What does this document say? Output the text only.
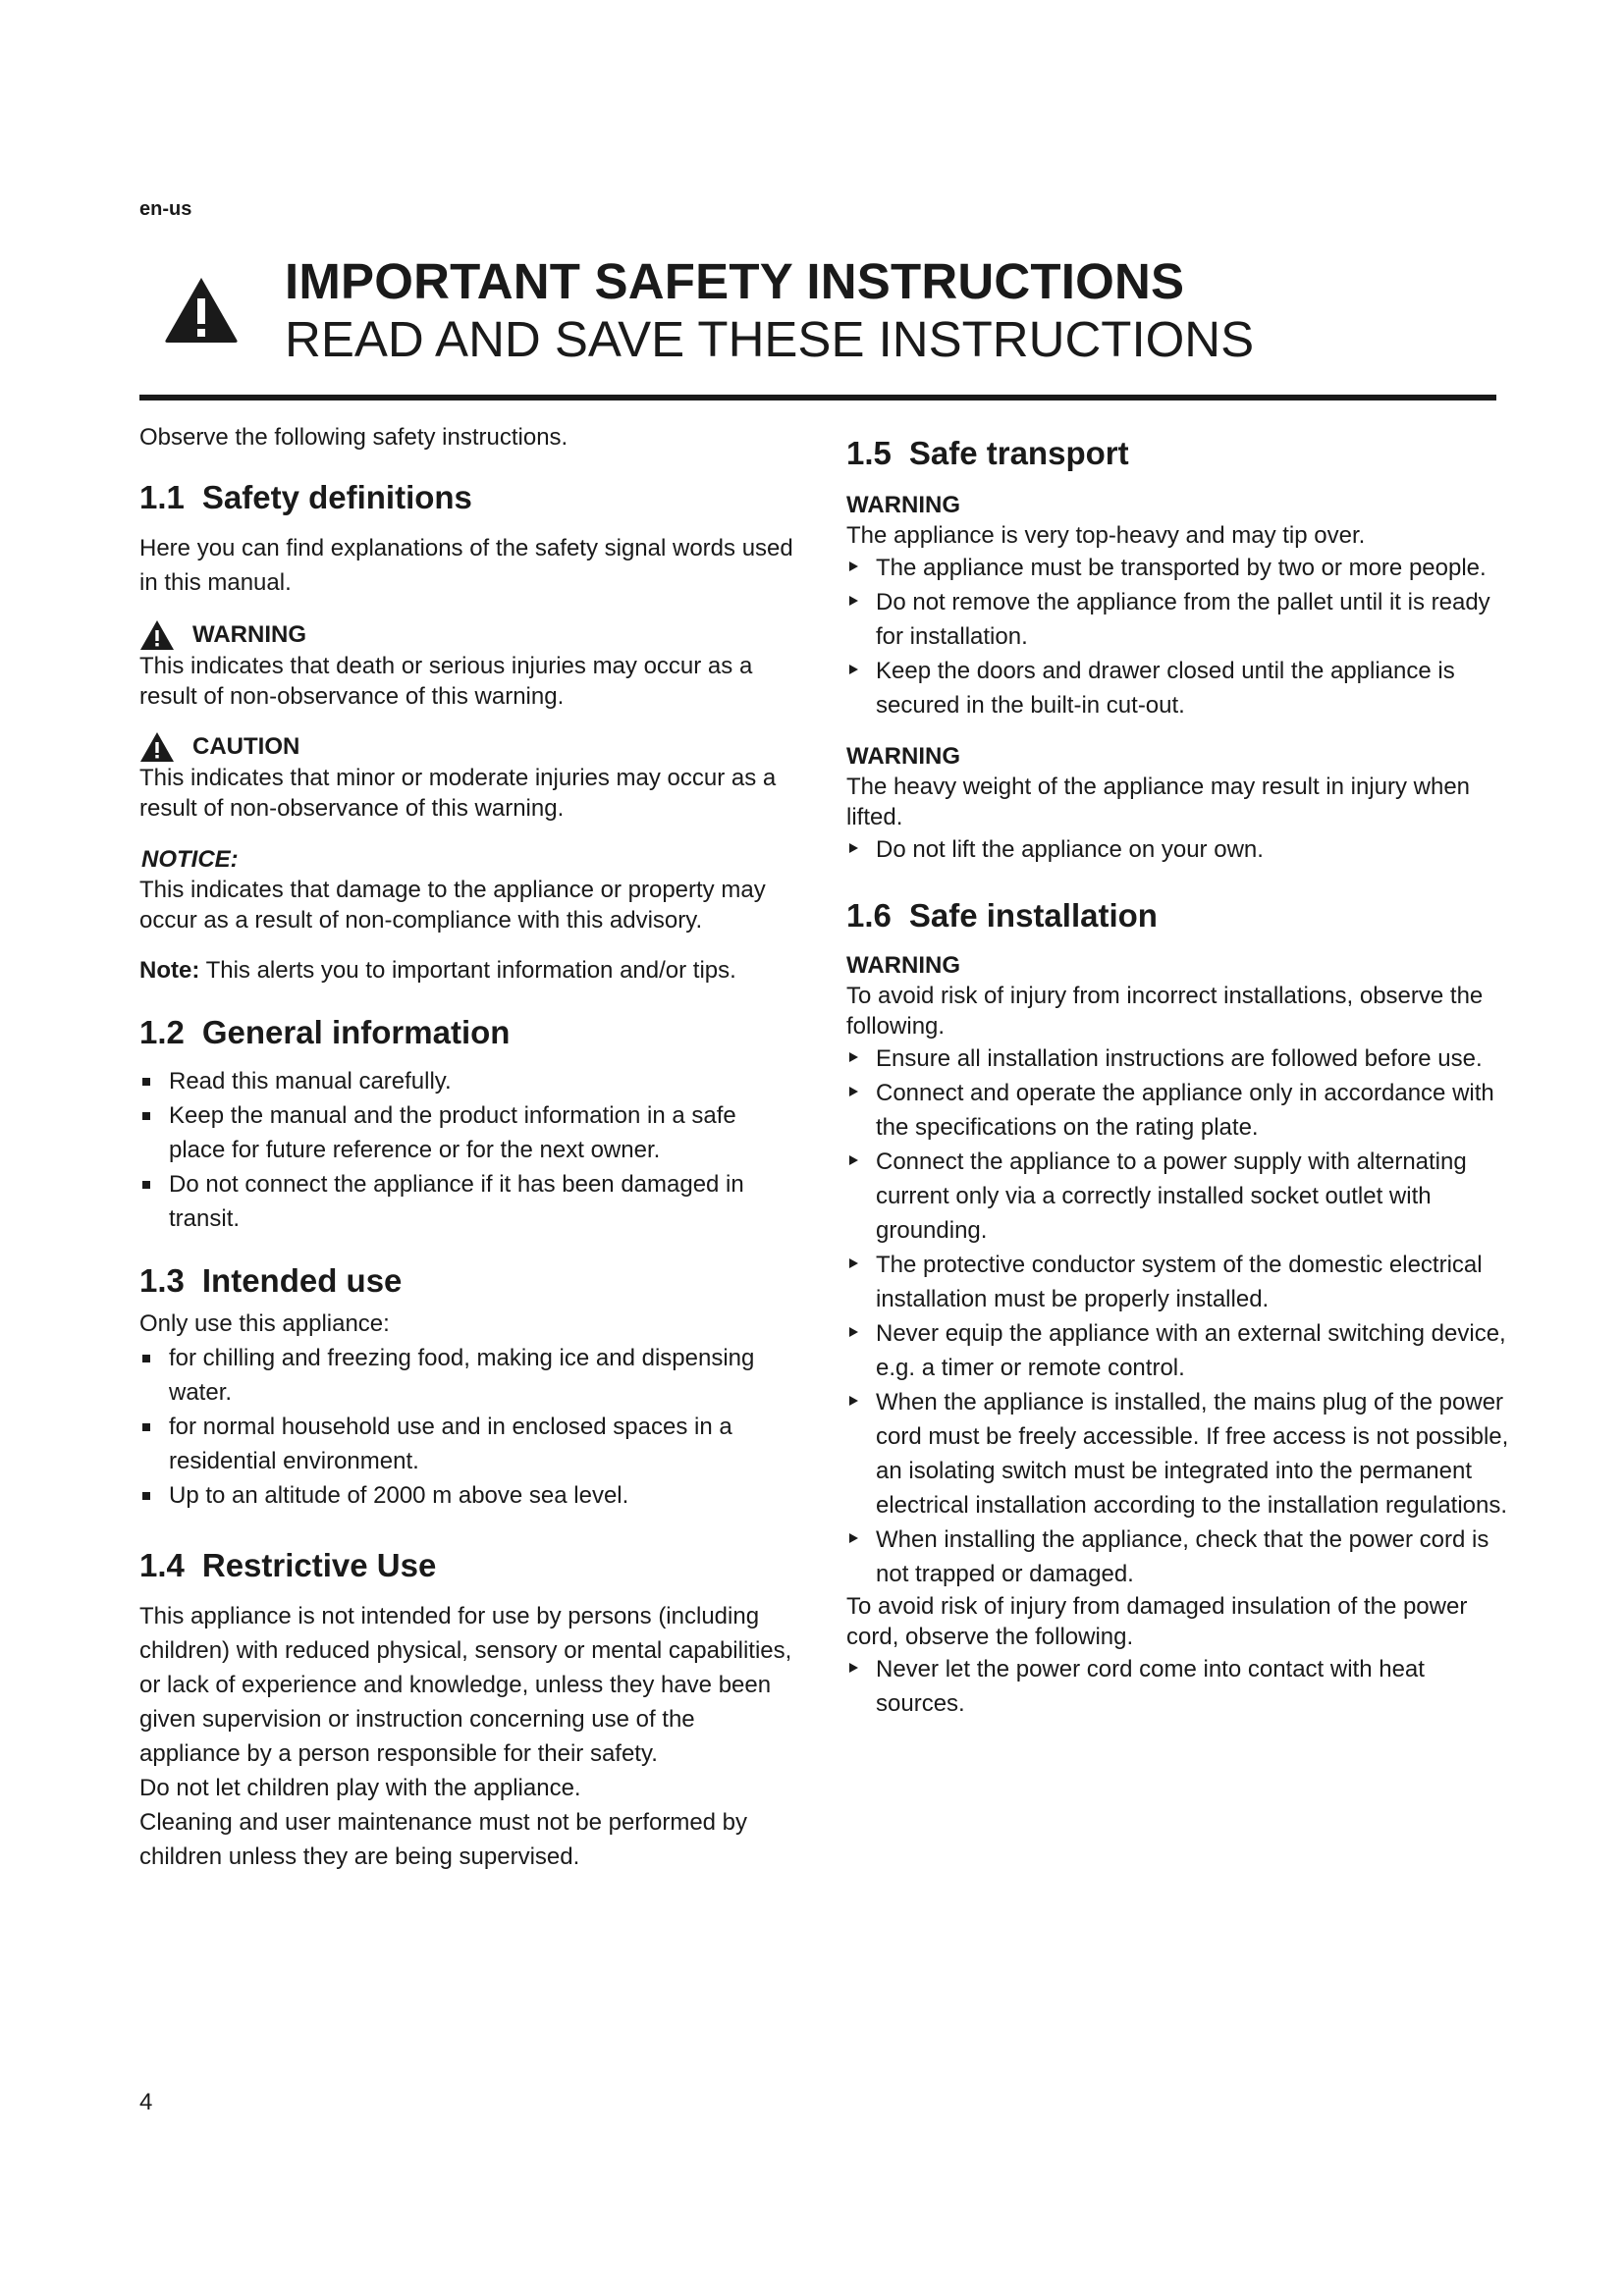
en-us
IMPORTANT SAFETY INSTRUCTIONS
READ AND SAVE THESE INSTRUCTIONS

Observe the following safety instructions.

1.1 Safety definitions

Here you can find explanations of the safety signal words used in this manual.

WARNING

This indicates that death or serious injuries may occur as a result of non-observance of this warning.

CAUTION

This indicates that minor or moderate injuries may occur as a result of non-observance of this warning.

NOTICE:

This indicates that damage to the appliance or property may occur as a result of non-compliance with this advisory.

Note: This alerts you to important information and/or tips.

1.2 General information
Read this manual carefully.
Keep the manual and the product information in a safe place for future reference or for the next owner.
Do not connect the appliance if it has been damaged in transit.
1.3 Intended use

Only use this appliance:

for chilling and freezing food, making ice and dispensing water.
for normal household use and in enclosed spaces in a residential environment.
Up to an altitude of 2000 m above sea level.
1.4 Restrictive Use

This appliance is not intended for use by persons (including children) with reduced physical, sensory or mental capabilities, or lack of experience and knowledge, unless they have been given supervision or instruction concerning use of the appliance by a person responsible for their safety.

Do not let children play with the appliance.

Cleaning and user maintenance must not be performed by children unless they are being supervised.

1.5 Safe transport
WARNING

The appliance is very top-heavy and may tip over.

The appliance must be transported by two or more people.
Do not remove the appliance from the pallet until it is ready for installation.
Keep the doors and drawer closed until the appliance is secured in the built-in cut-out.
WARNING

The heavy weight of the appliance may result in injury when lifted.

Do not lift the appliance on your own.
1.6 Safe installation
WARNING

To avoid risk of injury from incorrect installations, observe the following.

Ensure all installation instructions are followed before use.
Connect and operate the appliance only in accordance with the specifications on the rating plate.
Connect the appliance to a power supply with alternating current only via a correctly installed socket outlet with grounding.
The protective conductor system of the domestic electrical installation must be properly installed.
Never equip the appliance with an external switching device, e.g. a timer or remote control.
When the appliance is installed, the mains plug of the power cord must be freely accessible. If free access is not possible, an isolating switch must be integrated into the permanent electrical installation according to the installation regulations.
When installing the appliance, check that the power cord is not trapped or damaged.

To avoid risk of injury from damaged insulation of the power cord, observe the following.

Never let the power cord come into contact with heat sources.
4
